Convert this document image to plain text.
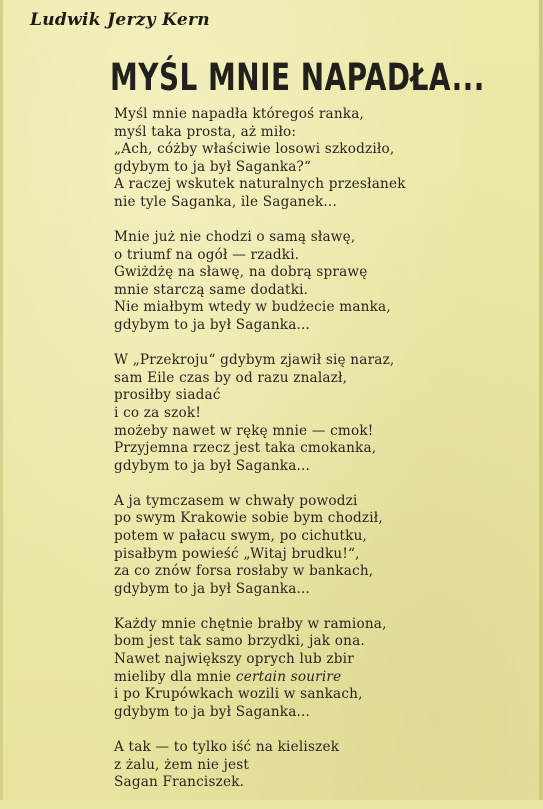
Ludwik Jerzy Kern

MYŚL MNIE NAPADŁA...
Myśl mnie napadła któregoś ranka,
myśl taka prosta, aż miło:
„Ach, cóżby właściwie losowi szkodziło,
gdybym to ja był Saganka?“
A raczej wskutek naturalnych przesłanek
nie tyle Saganka, ile Saganek...
Mnie już nie chodzi o samą sławę,
o triumf na ogół — rzadki.
Gwiżdżę na sławę, na dobrą sprawę
mnie starczą same dodatki.
Nie miałbym wtedy w budżecie manka,
gdybym to ja był Saganka...
W „Przekroju“ gdybym zjawił się naraz,
sam Eile czas by od razu znalazł,
prosiłby siadać
i co za szok!
możeby nawet w rękę mnie — cmok!
Przyjemna rzecz jest taka cmokanka,
gdybym to ja był Saganka...
A ja tymczasem w chwały powodzi
po swym Krakowie sobie bym chodził,
potem w pałacu swym, po cichutku,
pisałbym powieść „Witaj brudku!“,
za co znów forsa rosłaby w bankach,
gdybym to ja był Saganka...
Każdy mnie chętnie brałby w ramiona,
bom jest tak samo brzydki, jak ona.
Nawet największy oprych lub zbir
mieliby dla mnie certain sourire
i po Krupówkach wozili w sankach,
gdybym to ja był Saganka...
A tak — to tylko iść na kieliszek
z żalu, żem nie jest
Sagan Franciszek.
